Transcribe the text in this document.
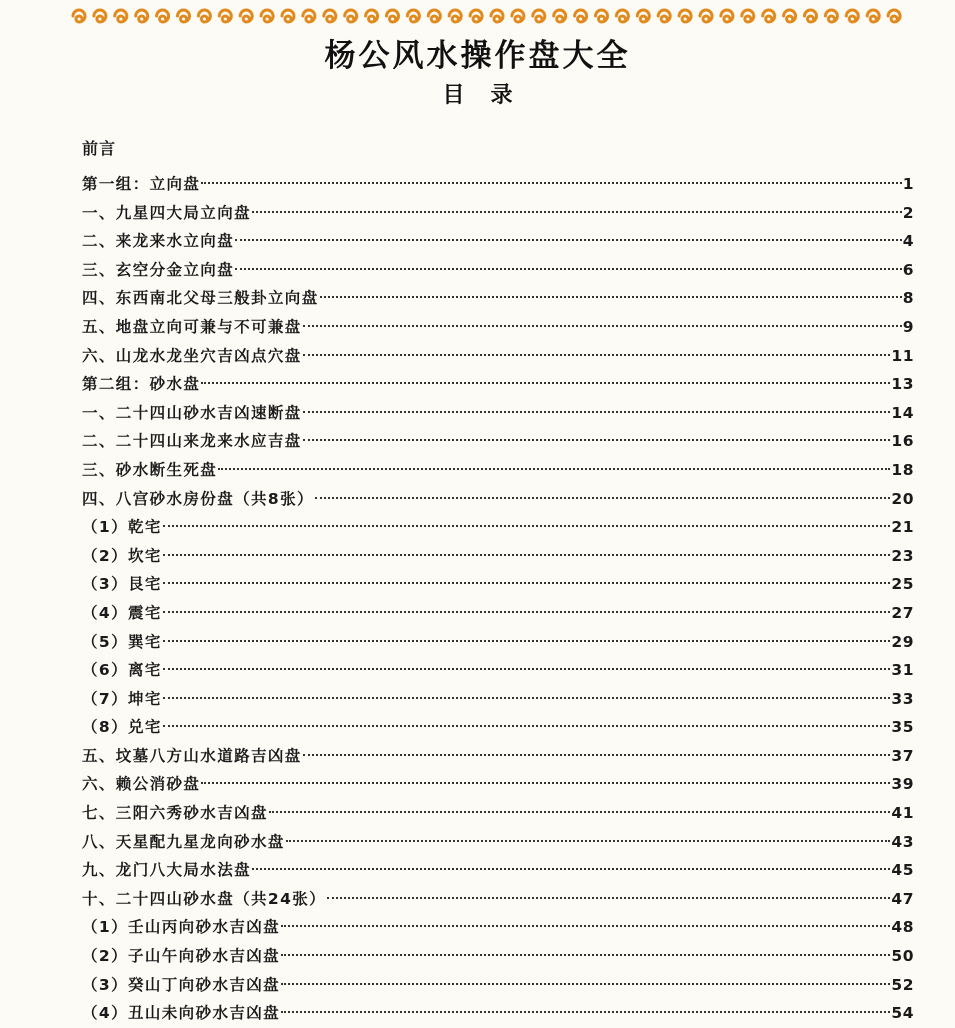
杨公风水操作盘大全
目录
前言
第一组：立向盘	1
一、九星四大局立向盘	2
二、来龙来水立向盘	4
三、玄空分金立向盘	6
四、东西南北父母三般卦立向盘	8
五、地盘立向可兼与不可兼盘	9
六、山龙水龙坐穴吉凶点穴盘	11
第二组：砂水盘	13
一、二十四山砂水吉凶速断盘	14
二、二十四山来龙来水应吉盘	16
三、砂水断生死盘	18
四、八宫砂水房份盘（共8张）	20
（1）乾宅	21
（2）坎宅	23
（3）艮宅	25
（4）震宅	27
（5）巽宅	29
（6）离宅	31
（7）坤宅	33
（8）兑宅	35
五、坟墓八方山水道路吉凶盘	37
六、赖公消砂盘	39
七、三阳六秀砂水吉凶盘	41
八、天星配九星龙向砂水盘	43
九、龙门八大局水法盘	45
十、二十四山砂水盘（共24张）	47
（1）壬山丙向砂水吉凶盘	48
（2）子山午向砂水吉凶盘	50
（3）癸山丁向砂水吉凶盘	52
（4）丑山未向砂水吉凶盘	54
